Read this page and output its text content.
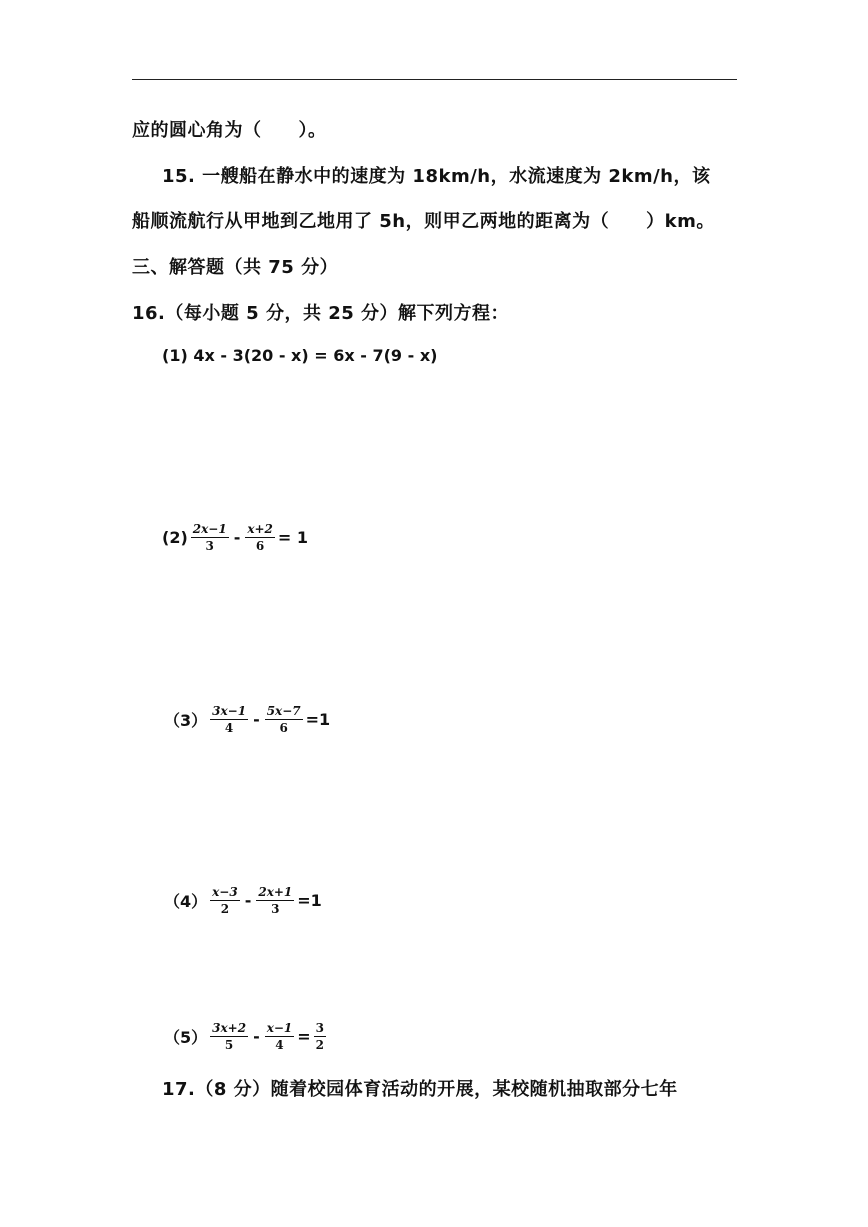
应的圆心角为（　　）。
15. 一艘船在静水中的速度为 18km/h，水流速度为 2km/h，该
船顺流航行从甲地到乙地用了 5h，则甲乙两地的距离为（　　）km。
三、解答题（共 75 分）
16.（每小题 5 分，共 25 分）解下列方程：
(1) 4x - 3(20 - x) = 6x - 7(9 - x)
$(2) \frac{2x-1}{3} - \frac{x+2}{6} = 1$
$(3) \frac{3x-1}{4} - \frac{5x-7}{6} =1$
$(4) \frac{x-3}{2} - \frac{2x+1}{3} =1$
$(5) \frac{3x+2}{5} - \frac{x-1}{4} = \frac{3}{2}$
17.（8 分）随着校园体育活动的开展，某校随机抽取部分七年
